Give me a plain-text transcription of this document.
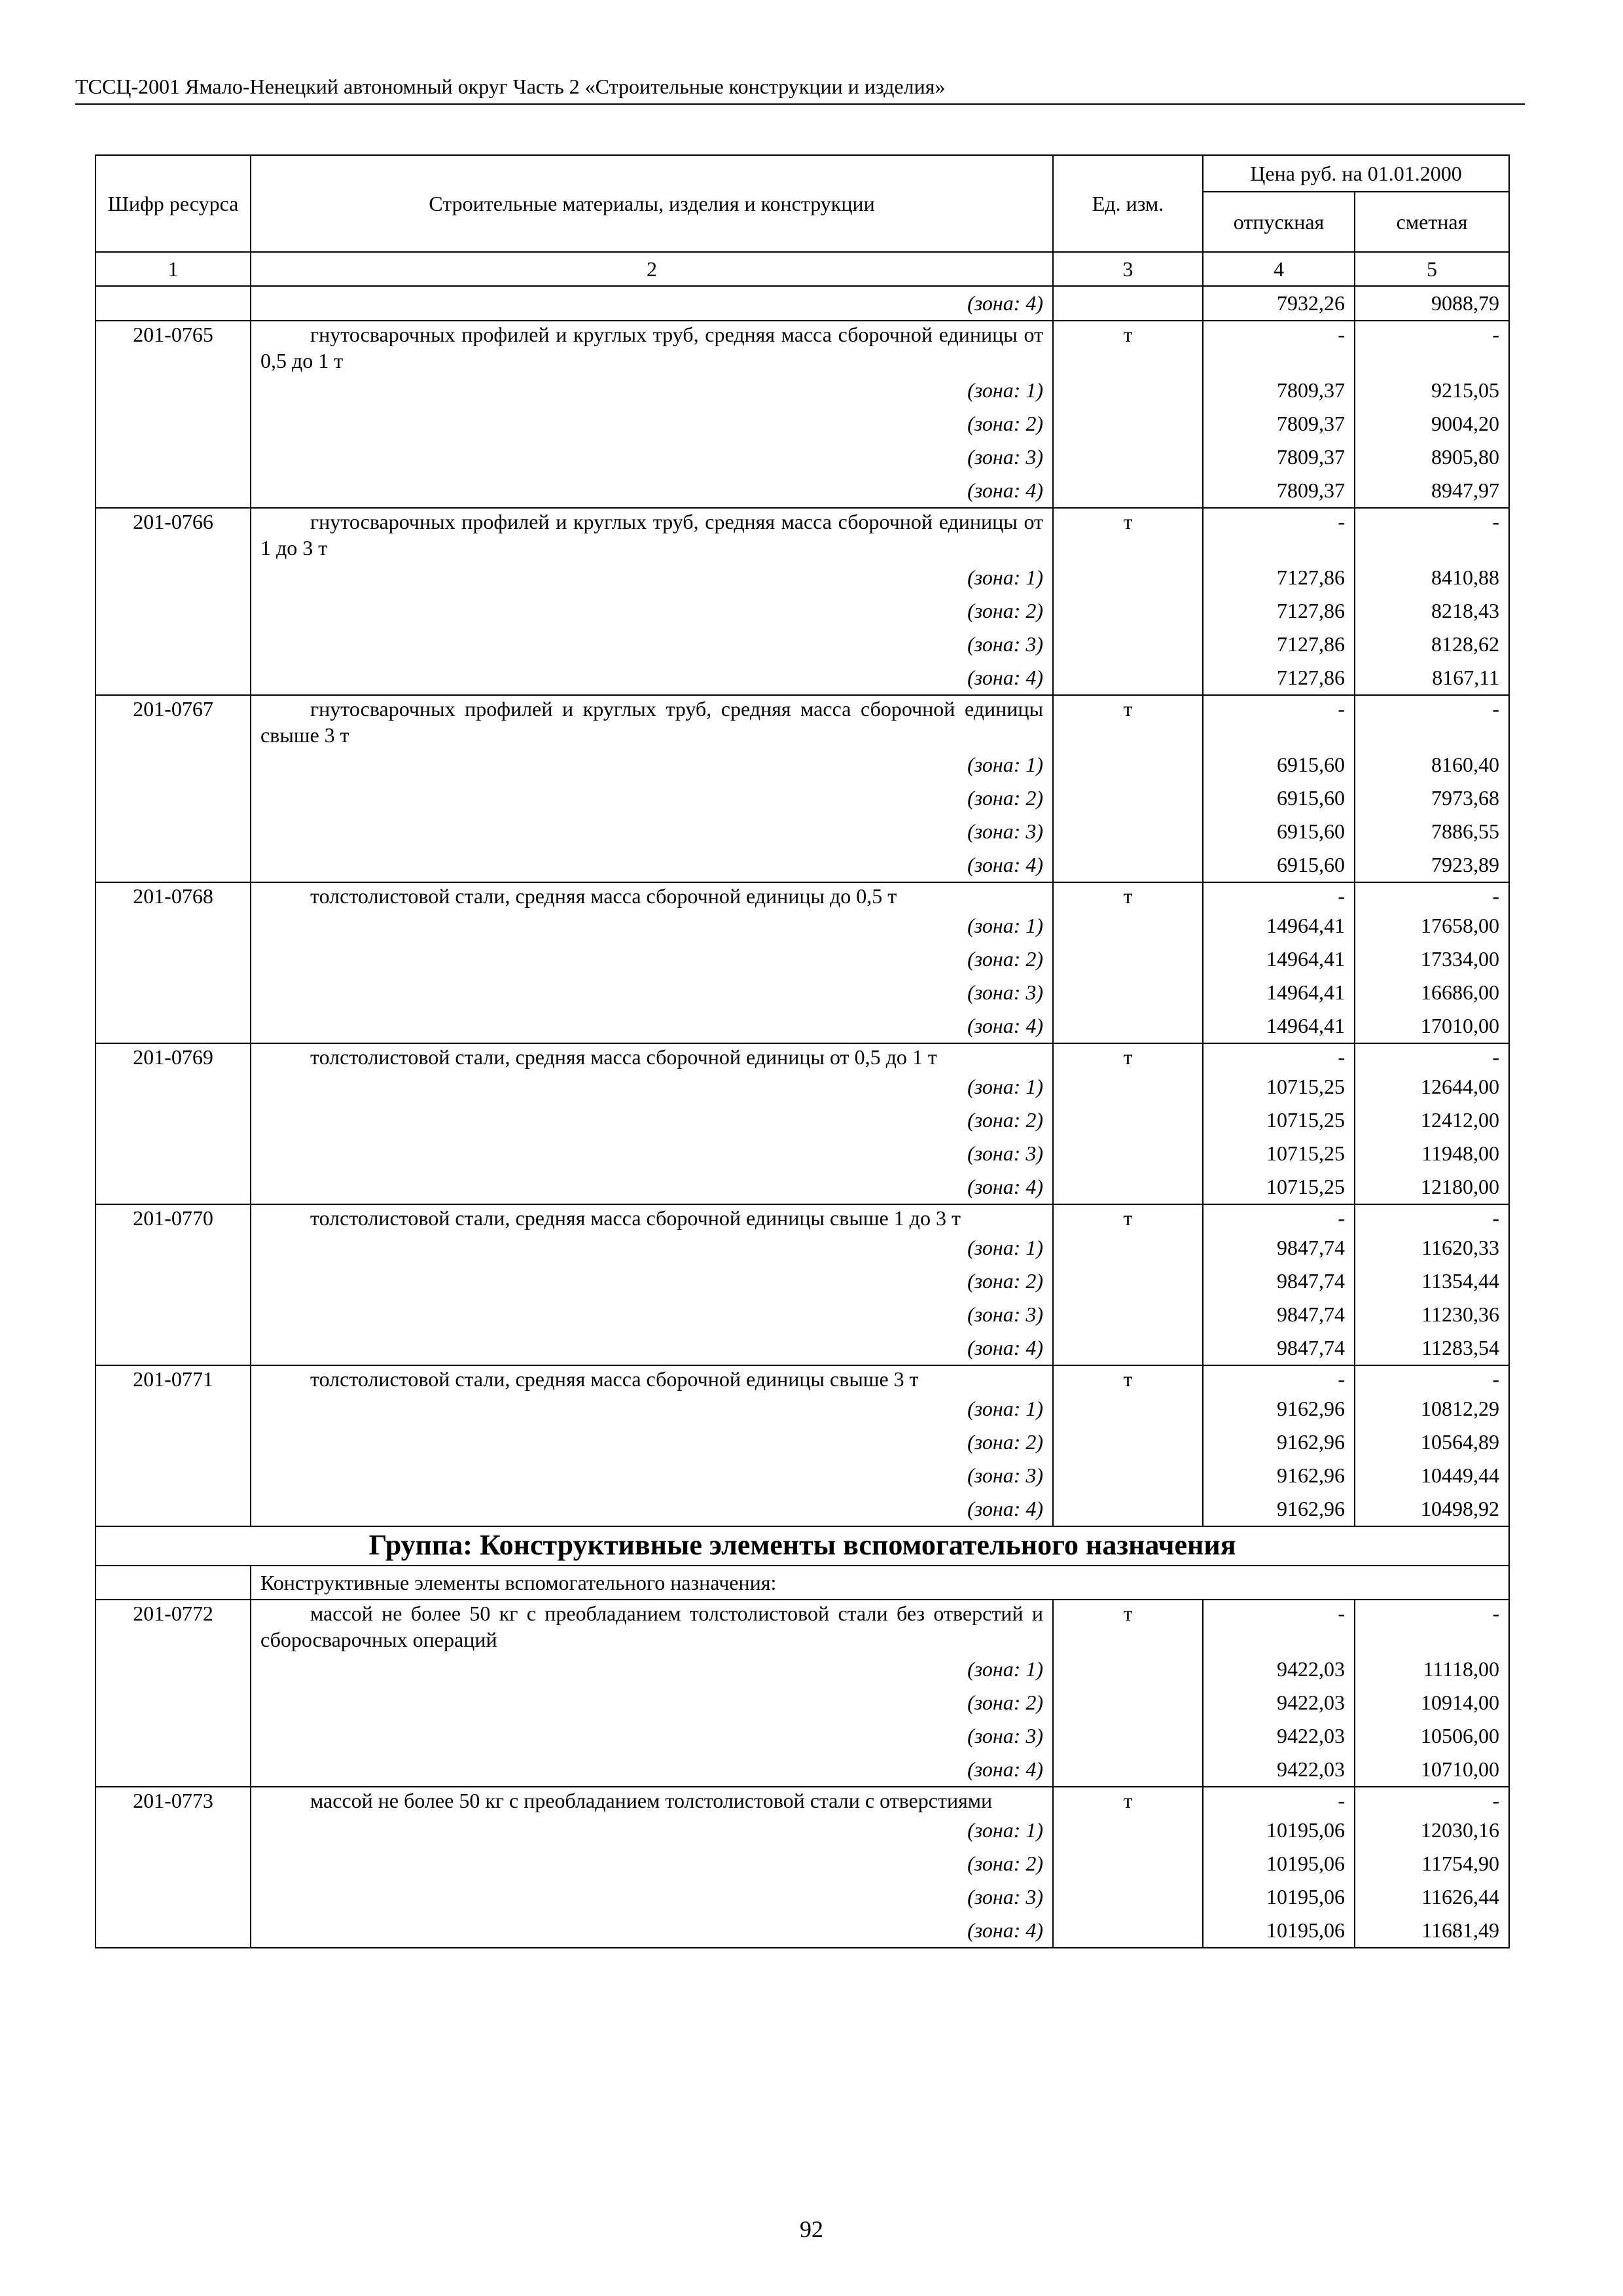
ТССЦ-2001 Ямало-Ненецкий автономный округ Часть 2 «Строительные конструкции и изделия»
Шифр ресурса	Строительные материалы, изделия и конструкции	Ед. изм.	Цена руб. на 01.01.2000	
			отпускная	сметная
1	2	3	4	5
	(зона: 4)		7932,26	9088,79
201-0765	гнутосварочных профилей и круглых труб, средняя масса сборочной единицы от 0,5 до 1 т	т	-	-
	(зона: 1)		7809,37	9215,05
	(зона: 2)		7809,37	9004,20
	(зона: 3)		7809,37	8905,80
	(зона: 4)		7809,37	8947,97
201-0766	гнутосварочных профилей и круглых труб, средняя масса сборочной единицы от 1 до 3 т	т	-	-
	(зона: 1)		7127,86	8410,88
	(зона: 2)		7127,86	8218,43
	(зона: 3)		7127,86	8128,62
	(зона: 4)		7127,86	8167,11
201-0767	гнутосварочных профилей и круглых труб, средняя масса сборочной единицы свыше 3 т	т	-	-
	(зона: 1)		6915,60	8160,40
	(зона: 2)		6915,60	7973,68
	(зона: 3)		6915,60	7886,55
	(зона: 4)		6915,60	7923,89
201-0768	толстолистовой стали, средняя масса сборочной единицы до 0,5 т	т	-	-
	(зона: 1)		14964,41	17658,00
	(зона: 2)		14964,41	17334,00
	(зона: 3)		14964,41	16686,00
	(зона: 4)		14964,41	17010,00
201-0769	толстолистовой стали, средняя масса сборочной единицы от 0,5 до 1 т	т	-	-
	(зона: 1)		10715,25	12644,00
	(зона: 2)		10715,25	12412,00
	(зона: 3)		10715,25	11948,00
	(зона: 4)		10715,25	12180,00
201-0770	толстолистовой стали, средняя масса сборочной единицы свыше 1 до 3 т	т	-	-
	(зона: 1)		9847,74	11620,33
	(зона: 2)		9847,74	11354,44
	(зона: 3)		9847,74	11230,36
	(зона: 4)		9847,74	11283,54
201-0771	толстолистовой стали, средняя масса сборочной единицы свыше 3 т	т	-	-
	(зона: 1)		9162,96	10812,29
	(зона: 2)		9162,96	10564,89
	(зона: 3)		9162,96	10449,44
	(зона: 4)		9162,96	10498,92
Группа: Конструктивные элементы вспомогательного назначения				
	Конструктивные элементы вспомогательного назначения:			
201-0772	массой не более 50 кг с преобладанием толстолистовой стали без отверстий и сборосварочных операций	т	-	-
	(зона: 1)		9422,03	11118,00
	(зона: 2)		9422,03	10914,00
	(зона: 3)		9422,03	10506,00
	(зона: 4)		9422,03	10710,00
201-0773	массой не более 50 кг с преобладанием толстолистовой стали с отверстиями	т	-	-
	(зона: 1)		10195,06	12030,16
	(зона: 2)		10195,06	11754,90
	(зона: 3)		10195,06	11626,44
	(зона: 4)		10195,06	11681,49
92
